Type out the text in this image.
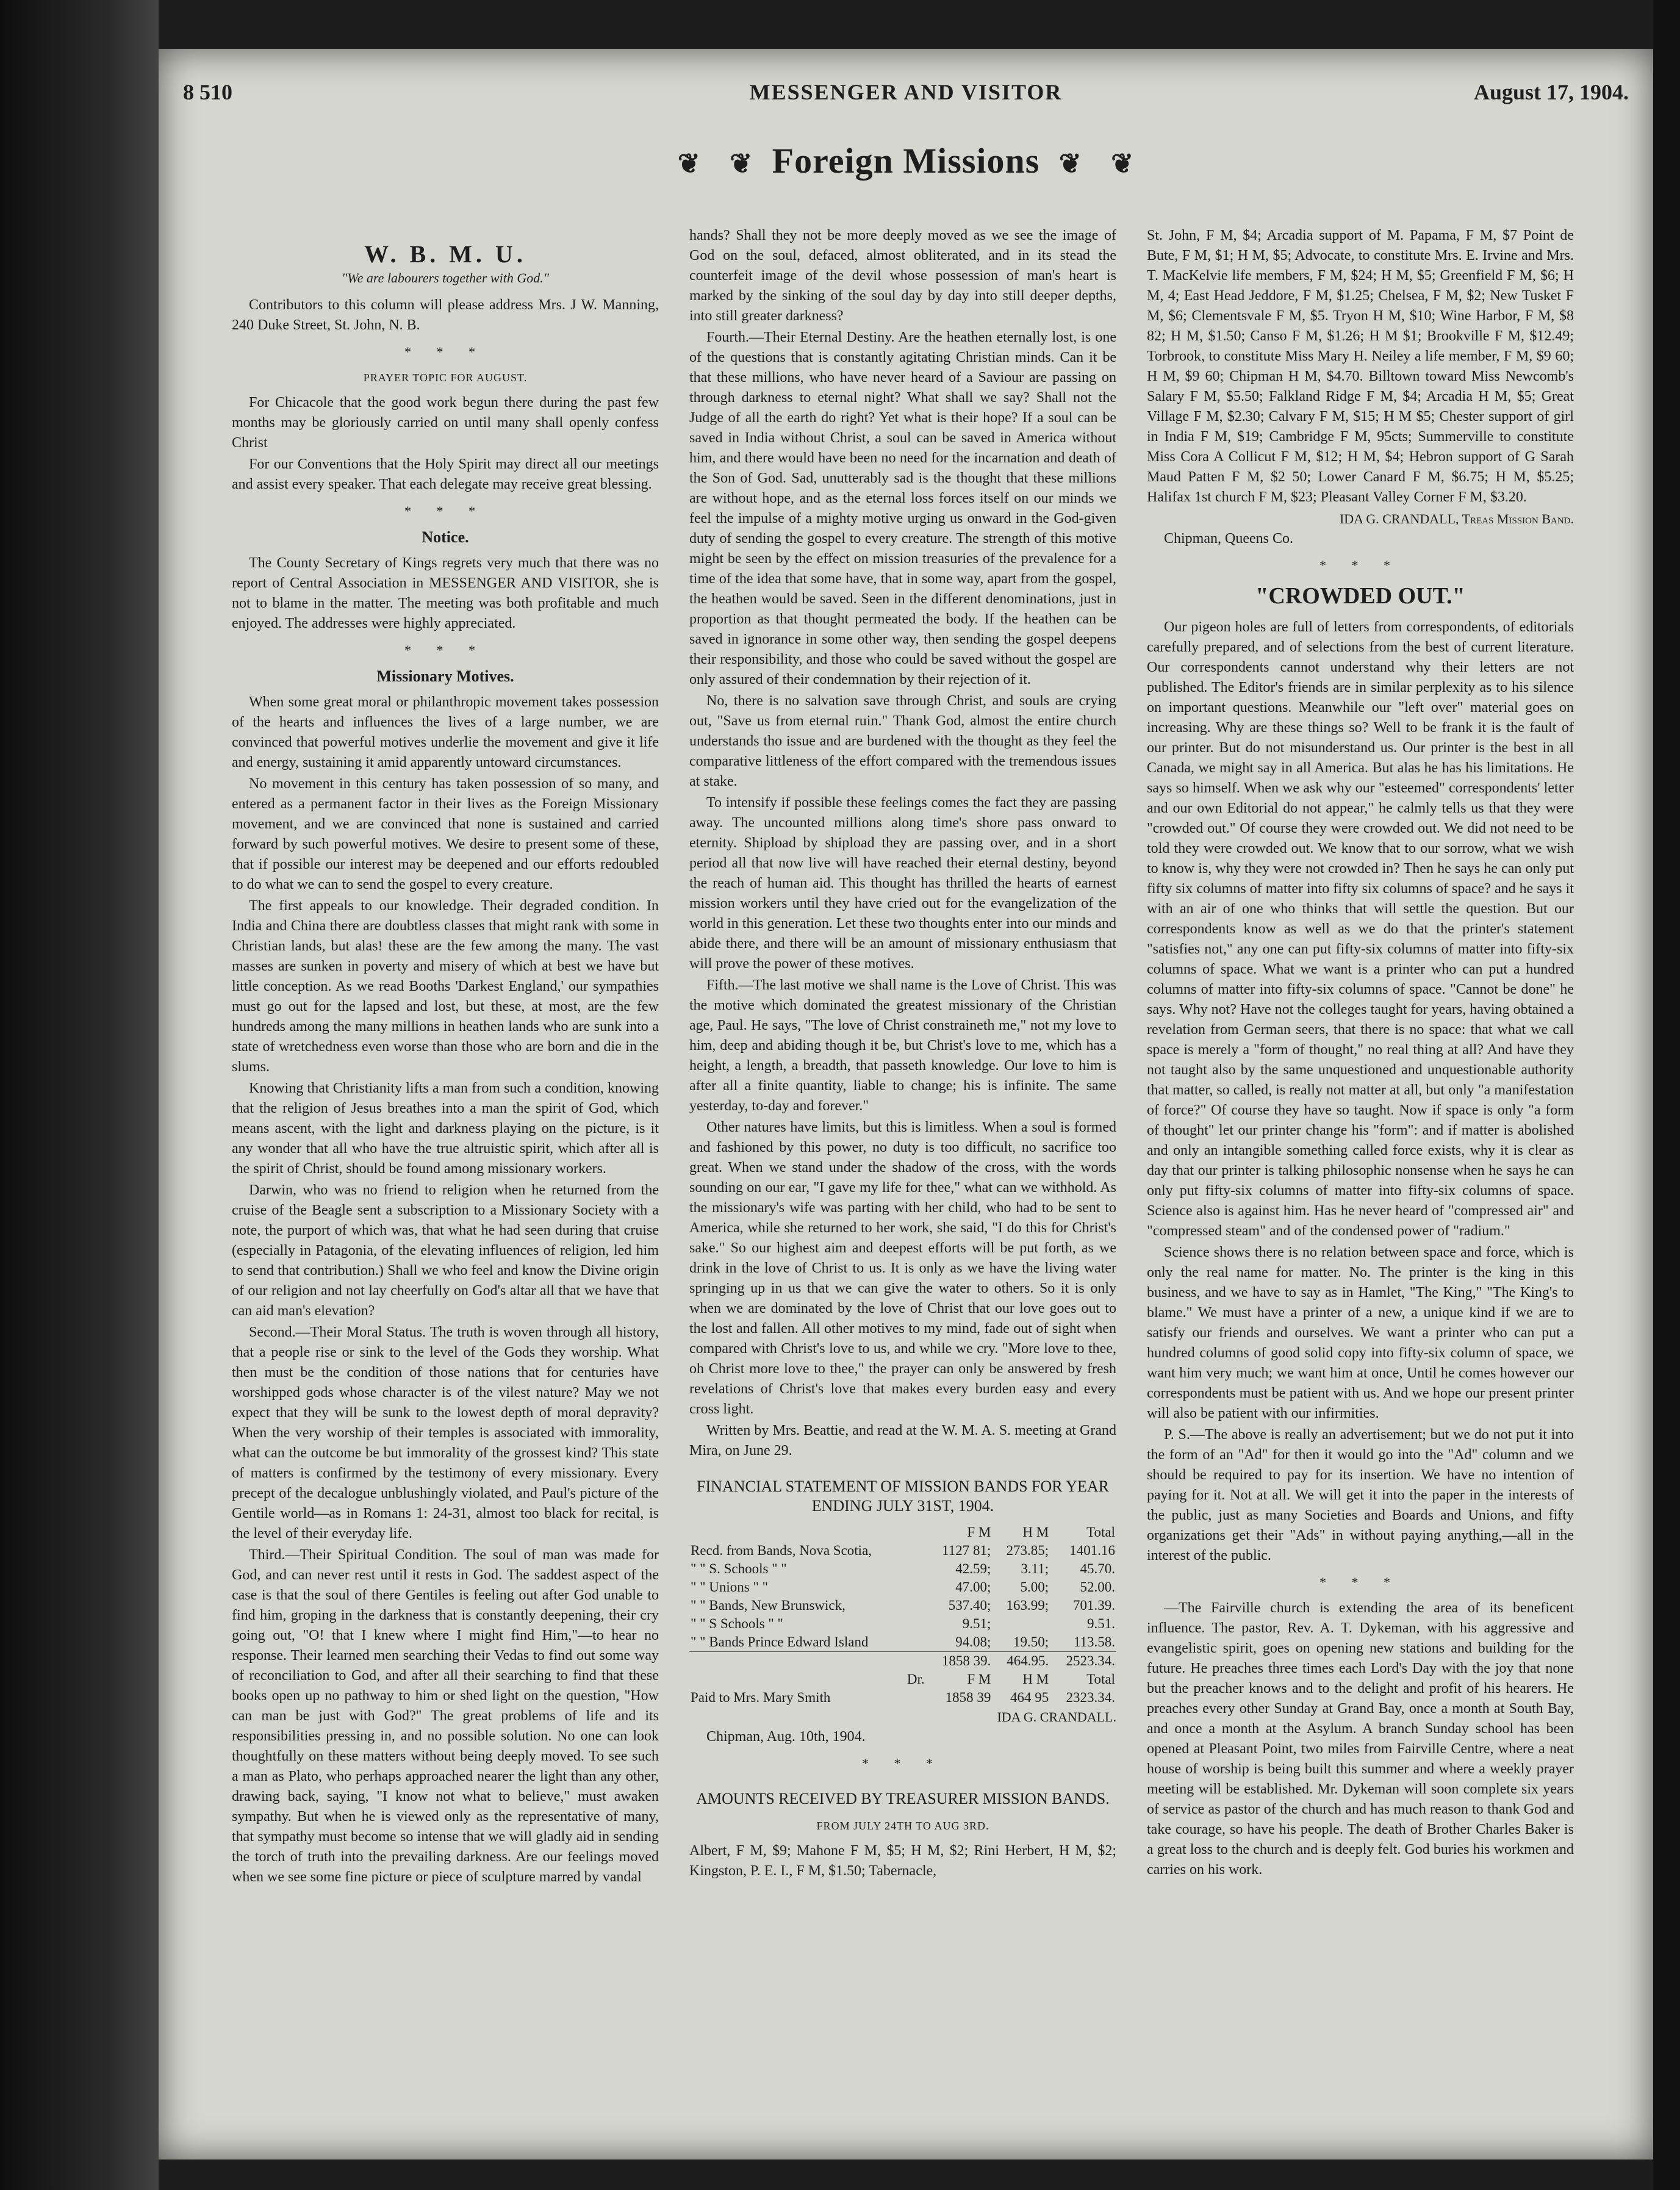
8 510	MESSENGER AND VISITOR	August 17, 1904.
❦ ❦ Foreign Missions ❦ ❦
W. B. M. U.
"We are labourers together with God."

Contributors to this column will please address Mrs. J W. Manning, 240 Duke Street, St. John, N. B.

* * *
PRAYER TOPIC FOR AUGUST.

For Chicacole that the good work begun there during the past few months may be gloriously carried on until many shall openly confess Christ

For our Conventions that the Holy Spirit may direct all our meetings and assist every speaker. That each delegate may receive great blessing.

* * *
Notice.

The County Secretary of Kings regrets very much that there was no report of Central Association in MESSENGER AND VISITOR, she is not to blame in the matter. The meeting was both profitable and much enjoyed. The addresses were highly appreciated.

* * *
Missionary Motives.

When some great moral or philanthropic movement takes possession of the hearts and influences the lives of a large number, we are convinced that powerful motives underlie the movement and give it life and energy, sustaining it amid apparently untoward circumstances.

No movement in this century has taken possession of so many, and entered as a permanent factor in their lives as the Foreign Missionary movement, and we are convinced that none is sustained and carried forward by such powerful motives. We desire to present some of these, that if possible our interest may be deepened and our efforts redoubled to do what we can to send the gospel to every creature.

The first appeals to our knowledge. Their degraded condition. In India and China there are doubtless classes that might rank with some in Christian lands, but alas! these are the few among the many. The vast masses are sunken in poverty and misery of which at best we have but little conception. As we read Booths 'Darkest England,' our sympathies must go out for the lapsed and lost, but these, at most, are the few hundreds among the many millions in heathen lands who are sunk into a state of wretchedness even worse than those who are born and die in the slums.

Knowing that Christianity lifts a man from such a condition, knowing that the religion of Jesus breathes into a man the spirit of God, which means ascent, with the light and darkness playing on the picture, is it any wonder that all who have the true altruistic spirit, which after all is the spirit of Christ, should be found among missionary workers.

Darwin, who was no friend to religion when he returned from the cruise of the Beagle sent a subscription to a Missionary Society with a note, the purport of which was, that what he had seen during that cruise (especially in Patagonia, of the elevating influences of religion, led him to send that contribution.) Shall we who feel and know the Divine origin of our religion and not lay cheerfully on God's altar all that we have that can aid man's elevation?

Second.—Their Moral Status. The truth is woven through all history, that a people rise or sink to the level of the Gods they worship. What then must be the condition of those nations that for centuries have worshipped gods whose character is of the vilest nature? May we not expect that they will be sunk to the lowest depth of moral depravity? When the very worship of their temples is associated with immorality, what can the outcome be but immorality of the grossest kind? This state of matters is confirmed by the testimony of every missionary. Every precept of the decalogue unblushingly violated, and Paul's picture of the Gentile world—as in Romans 1: 24-31, almost too black for recital, is the level of their everyday life.

Third.—Their Spiritual Condition. The soul of man was made for God, and can never rest until it rests in God. The saddest aspect of the case is that the soul of there Gentiles is feeling out after God unable to find him, groping in the darkness that is constantly deepening, their cry going out, "O! that I knew where I might find Him,"—to hear no response. Their learned men searching their Vedas to find out some way of reconciliation to God, and after all their searching to find that these books open up no pathway to him or shed light on the question, "How can man be just with God?" The great problems of life and its responsibilities pressing in, and no possible solution. No one can look thoughtfully on these matters without being deeply moved. To see such a man as Plato, who perhaps approached nearer the light than any other, drawing back, saying, "I know not what to believe," must awaken sympathy. But when he is viewed only as the representative of many, that sympathy must become so intense that we will gladly aid in sending the torch of truth into the prevailing darkness. Are our feelings moved when we see some fine picture or piece of sculpture marred by vandal

hands? Shall they not be more deeply moved as we see the image of God on the soul, defaced, almost obliterated, and in its stead the counterfeit image of the devil whose possession of man's heart is marked by the sinking of the soul day by day into still deeper depths, into still greater darkness?

Fourth.—Their Eternal Destiny. Are the heathen eternally lost, is one of the questions that is constantly agitating Christian minds. Can it be that these millions, who have never heard of a Saviour are passing on through darkness to eternal night? What shall we say? Shall not the Judge of all the earth do right? Yet what is their hope? If a soul can be saved in India without Christ, a soul can be saved in America without him, and there would have been no need for the incarnation and death of the Son of God. Sad, unutterably sad is the thought that these millions are without hope, and as the eternal loss forces itself on our minds we feel the impulse of a mighty motive urging us onward in the God-given duty of sending the gospel to every creature. The strength of this motive might be seen by the effect on mission treasuries of the prevalence for a time of the idea that some have, that in some way, apart from the gospel, the heathen would be saved. Seen in the different denominations, just in proportion as that thought permeated the body. If the heathen can be saved in ignorance in some other way, then sending the gospel deepens their responsibility, and those who could be saved without the gospel are only assured of their condemnation by their rejection of it.

No, there is no salvation save through Christ, and souls are crying out, "Save us from eternal ruin." Thank God, almost the entire church understands tho issue and are burdened with the thought as they feel the comparative littleness of the effort compared with the tremendous issues at stake.

To intensify if possible these feelings comes the fact they are passing away. The uncounted millions along time's shore pass onward to eternity. Shipload by shipload they are passing over, and in a short period all that now live will have reached their eternal destiny, beyond the reach of human aid. This thought has thrilled the hearts of earnest mission workers until they have cried out for the evangelization of the world in this generation. Let these two thoughts enter into our minds and abide there, and there will be an amount of missionary enthusiasm that will prove the power of these motives.

Fifth.—The last motive we shall name is the Love of Christ. This was the motive which dominated the greatest missionary of the Christian age, Paul. He says, "The love of Christ constraineth me," not my love to him, deep and abiding though it be, but Christ's love to me, which has a height, a length, a breadth, that passeth knowledge. Our love to him is after all a finite quantity, liable to change; his is infinite. The same yesterday, to-day and forever."

Other natures have limits, but this is limitless. When a soul is formed and fashioned by this power, no duty is too difficult, no sacrifice too great. When we stand under the shadow of the cross, with the words sounding on our ear, "I gave my life for thee," what can we withhold. As the missionary's wife was parting with her child, who had to be sent to America, while she returned to her work, she said, "I do this for Christ's sake." So our highest aim and deepest efforts will be put forth, as we drink in the love of Christ to us. It is only as we have the living water springing up in us that we can give the water to others. So it is only when we are dominated by the love of Christ that our love goes out to the lost and fallen. All other motives to my mind, fade out of sight when compared with Christ's love to us, and while we cry. "More love to thee, oh Christ more love to thee," the prayer can only be answered by fresh revelations of Christ's love that makes every burden easy and every cross light.

Written by Mrs. Beattie, and read at the W. M. A. S. meeting at Grand Mira, on June 29.

FINANCIAL STATEMENT OF MISSION BANDS FOR YEAR ENDING JULY 31ST, 1904.
	F M	H M	Total
Recd. from Bands, Nova Scotia,	1127 81;	273.85;	1401.16
" " S. Schools " "	42.59;	3.11;	45.70.
" " Unions " "	47.00;	5.00;	52.00.
" " Bands, New Brunswick,	537.40;	163.99;	701.39.
" " S Schools " "	9.51;		9.51.
" " Bands Prince Edward Island	94.08;	19.50;	113.58.
	1858 39.	464.95.	2523.34.
Dr.	F M	H M	Total
Paid to Mrs. Mary Smith	1858 39	464 95	2323.34.
IDA G. CRANDALL.

Chipman, Aug. 10th, 1904.

* * *
AMOUNTS RECEIVED BY TREASURER MISSION BANDS.
FROM JULY 24TH TO AUG 3RD.

Albert, F M, $9; Mahone F M, $5; H M, $2; Rini Herbert, H M, $2; Kingston, P. E. I., F M, $1.50; Tabernacle,

St. John, F M, $4; Arcadia support of M. Papama, F M, $7 Point de Bute, F M, $1; H M, $5; Advocate, to constitute Mrs. E. Irvine and Mrs. T. MacKelvie life members, F M, $24; H M, $5; Greenfield F M, $6; H M, 4; East Head Jeddore, F M, $1.25; Chelsea, F M, $2; New Tusket F M, $6; Clementsvale F M, $5. Tryon H M, $10; Wine Harbor, F M, $8 82; H M, $1.50; Canso F M, $1.26; H M $1; Brookville F M, $12.49; Torbrook, to constitute Miss Mary H. Neiley a life member, F M, $9 60; H M, $9 60; Chipman H M, $4.70. Billtown toward Miss Newcomb's Salary F M, $5.50; Falkland Ridge F M, $4; Arcadia H M, $5; Great Village F M, $2.30; Calvary F M, $15; H M $5; Chester support of girl in India F M, $19; Cambridge F M, 95cts; Summerville to constitute Miss Cora A Collicut F M, $12; H M, $4; Hebron support of G Sarah Maud Patten F M, $2 50; Lower Canard F M, $6.75; H M, $5.25; Halifax 1st church F M, $23; Pleasant Valley Corner F M, $3.20.

IDA G. CRANDALL, Treas Mission Band.

Chipman, Queens Co.

* * *
"CROWDED OUT."

Our pigeon holes are full of letters from correspondents, of editorials carefully prepared, and of selections from the best of current literature. Our correspondents cannot understand why their letters are not published. The Editor's friends are in similar perplexity as to his silence on important questions. Meanwhile our "left over" material goes on increasing. Why are these things so? Well to be frank it is the fault of our printer. But do not misunderstand us. Our printer is the best in all Canada, we might say in all America. But alas he has his limitations. He says so himself. When we ask why our "esteemed" correspondents' letter and our own Editorial do not appear," he calmly tells us that they were "crowded out." Of course they were crowded out. We did not need to be told they were crowded out. We know that to our sorrow, what we wish to know is, why they were not crowded in? Then he says he can only put fifty six columns of matter into fifty six columns of space? and he says it with an air of one who thinks that will settle the question. But our correspondents know as well as we do that the printer's statement "satisfies not," any one can put fifty-six columns of matter into fifty-six columns of space. What we want is a printer who can put a hundred columns of matter into fifty-six columns of space. "Cannot be done" he says. Why not? Have not the colleges taught for years, having obtained a revelation from German seers, that there is no space: that what we call space is merely a "form of thought," no real thing at all? And have they not taught also by the same unquestioned and unquestionable authority that matter, so called, is really not matter at all, but only "a manifestation of force?" Of course they have so taught. Now if space is only "a form of thought" let our printer change his "form": and if matter is abolished and only an intangible something called force exists, why it is clear as day that our printer is talking philosophic nonsense when he says he can only put fifty-six columns of matter into fifty-six columns of space. Science also is against him. Has he never heard of "compressed air" and "compressed steam" and of the condensed power of "radium."

Science shows there is no relation between space and force, which is only the real name for matter. No. The printer is the king in this business, and we have to say as in Hamlet, "The King," "The King's to blame." We must have a printer of a new, a unique kind if we are to satisfy our friends and ourselves. We want a printer who can put a hundred columns of good solid copy into fifty-six column of space, we want him very much; we want him at once, Until he comes however our correspondents must be patient with us. And we hope our present printer will also be patient with our infirmities.

P. S.—The above is really an advertisement; but we do not put it into the form of an "Ad" for then it would go into the "Ad" column and we should be required to pay for its insertion. We have no intention of paying for it. Not at all. We will get it into the paper in the interests of the public, just as many Societies and Boards and Unions, and fifty organizations get their "Ads" in without paying anything,—all in the interest of the public.

* * *

—The Fairville church is extending the area of its beneficent influence. The pastor, Rev. A. T. Dykeman, with his aggressive and evangelistic spirit, goes on opening new stations and building for the future. He preaches three times each Lord's Day with the joy that none but the preacher knows and to the delight and profit of his hearers. He preaches every other Sunday at Grand Bay, once a month at South Bay, and once a month at the Asylum. A branch Sunday school has been opened at Pleasant Point, two miles from Fairville Centre, where a neat house of worship is being built this summer and where a weekly prayer meeting will be established. Mr. Dykeman will soon complete six years of service as pastor of the church and has much reason to thank God and take courage, so have his people. The death of Brother Charles Baker is a great loss to the church and is deeply felt. God buries his workmen and carries on his work.
